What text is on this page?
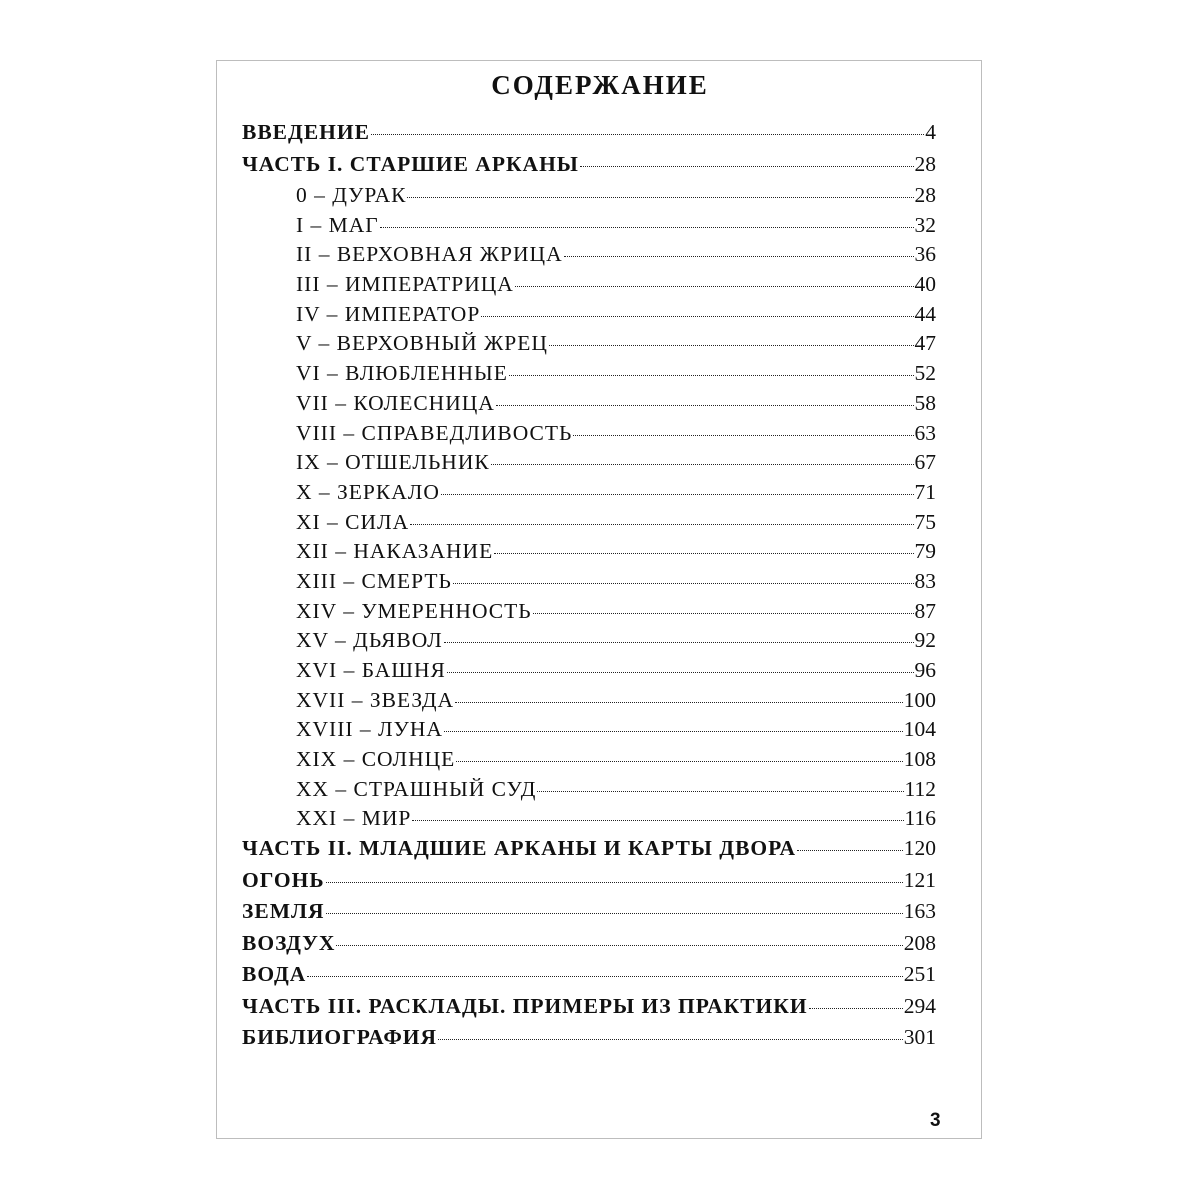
СОДЕРЖАНИЕ
ВВЕДЕНИЕ	4
ЧАСТЬ I. СТАРШИЕ АРКАНЫ	28
0 – ДУРАК	28
I – МАГ	32
II – ВЕРХОВНАЯ ЖРИЦА	36
III – ИМПЕРАТРИЦА	40
IV – ИМПЕРАТОР	44
V – ВЕРХОВНЫЙ ЖРЕЦ	47
VI – ВЛЮБЛЕННЫЕ	52
VII – КОЛЕСНИЦА	58
VIII – СПРАВЕДЛИВОСТЬ	63
IX – ОТШЕЛЬНИК	67
X – ЗЕРКАЛО	71
XI – СИЛА	75
XII – НАКАЗАНИЕ	79
XIII – СМЕРТЬ	83
XIV – УМЕРЕННОСТЬ	87
XV – ДЬЯВОЛ	92
XVI – БАШНЯ	96
XVII – ЗВЕЗДА	100
XVIII – ЛУНА	104
XIX – СОЛНЦЕ	108
XX – СТРАШНЫЙ СУД	112
XXI – МИР	116
ЧАСТЬ II. МЛАДШИЕ АРКАНЫ И КАРТЫ ДВОРА	120
ОГОНЬ	121
ЗЕМЛЯ	163
ВОЗДУХ	208
ВОДА	251
ЧАСТЬ III. РАСКЛАДЫ. ПРИМЕРЫ ИЗ ПРАКТИКИ	294
БИБЛИОГРАФИЯ	301
3
